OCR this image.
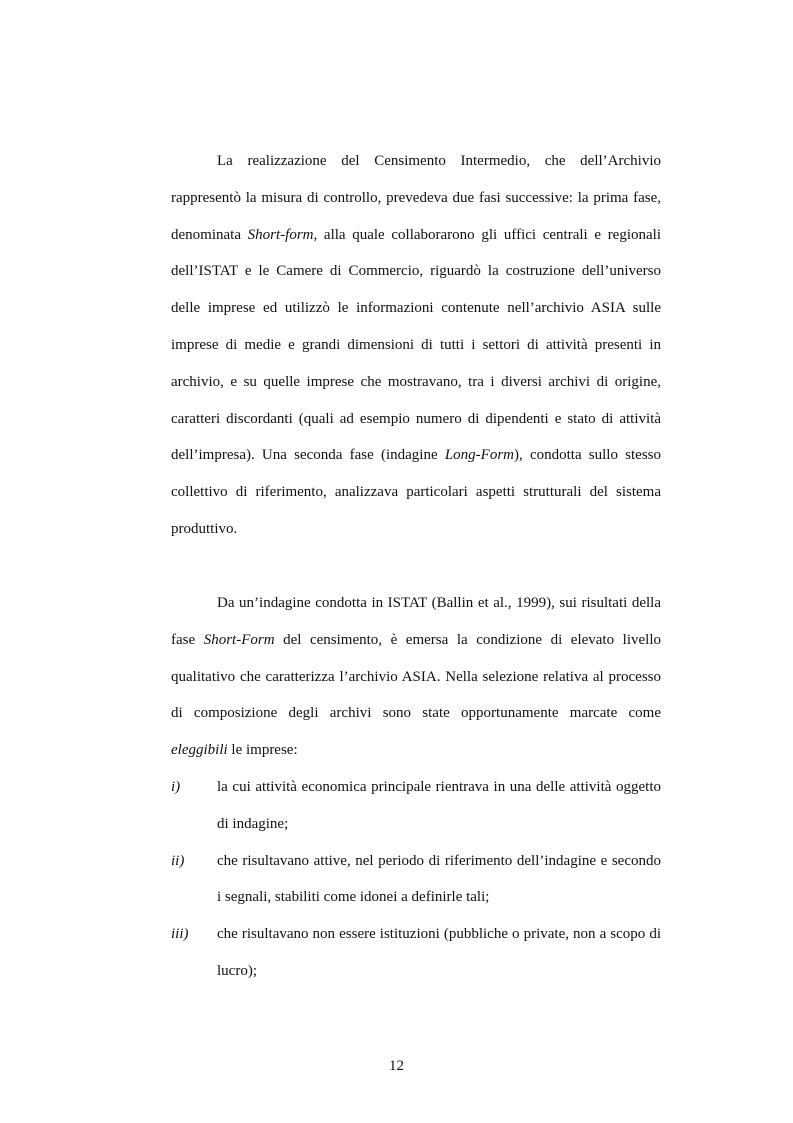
La realizzazione del Censimento Intermedio, che dell’Archivio rappresentò la misura di controllo, prevedeva due fasi successive: la prima fase, denominata Short-form, alla quale collaborarono gli uffici centrali e regionali dell’ISTAT e le Camere di Commercio, riguardò la costruzione dell’universo delle imprese ed utilizzò le informazioni contenute nell’archivio ASIA sulle imprese di medie e grandi dimensioni di tutti i settori di attività presenti in archivio, e su quelle imprese che mostravano, tra i diversi archivi di origine, caratteri discordanti (quali ad esempio numero di dipendenti e stato di attività dell’impresa). Una seconda fase (indagine Long-Form), condotta sullo stesso collettivo di riferimento, analizzava particolari aspetti strutturali del sistema produttivo.

Da un’indagine condotta in ISTAT (Ballin et al., 1999), sui risultati della fase Short-Form del censimento, è emersa la condizione di elevato livello qualitativo che caratterizza l’archivio ASIA. Nella selezione relativa al processo di composizione degli archivi sono state opportunamente marcate come eleggibili le imprese:

i)	la cui attività economica principale rientrava in una delle attività oggetto di indagine;
ii)	che risultavano attive, nel periodo di riferimento dell’indagine e secondo i segnali, stabiliti come idonei a definirle tali;
iii)	che risultavano non essere istituzioni (pubbliche o private, non a scopo di lucro);

12
